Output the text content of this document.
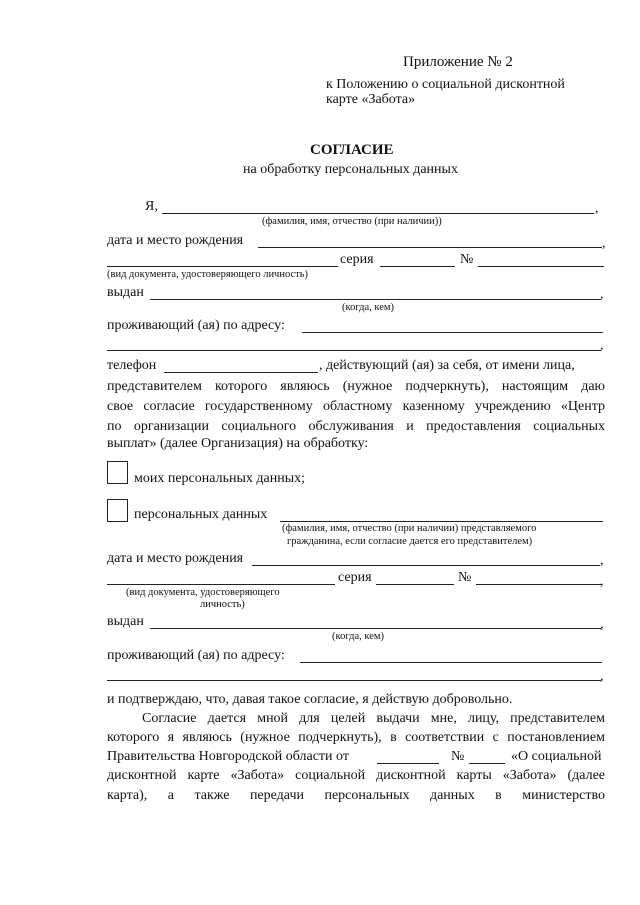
Приложение № 2
к Положению о социальной дисконтной
карте «Забота»
СОГЛАСИЕ
на обработку персональных данных
Я,	,
(фамилия, имя, отчество (при наличии))
дата и место рождения	,
серия	№
(вид документа, удостоверяющего личность)
выдан	,
(когда, кем)
проживающий (ая) по адресу:
,
телефон	, действующий (ая) за себя, от имени лица,
представителем которого являюсь (нужное подчеркнуть), настоящим даю
свое согласие государственному областному казенному учреждению «Центр
по организации социального обслуживания и предоставления социальных
выплат» (далее Организация) на обработку:
моих персональных данных;
персональных данных
(фамилия, имя, отчество (при наличии) представляемого
гражданина, если согласие дается его представителем)
дата и место рождения	,
серия	№	,
(вид документа, удостоверяющего
личность)
выдан	,
(когда, кем)
проживающий (ая) по адресу:
,
и подтверждаю, что, давая такое согласие, я действую добровольно.
Согласие дается мной для целей выдачи мне, лицу, представителем
которого я являюсь (нужное подчеркнуть), в соответствии с постановлением
Правительства Новгородской области от	№	«О социальной
дисконтной карте «Забота» социальной дисконтной карты «Забота» (далее
карта), а также передачи персональных данных в министерство
